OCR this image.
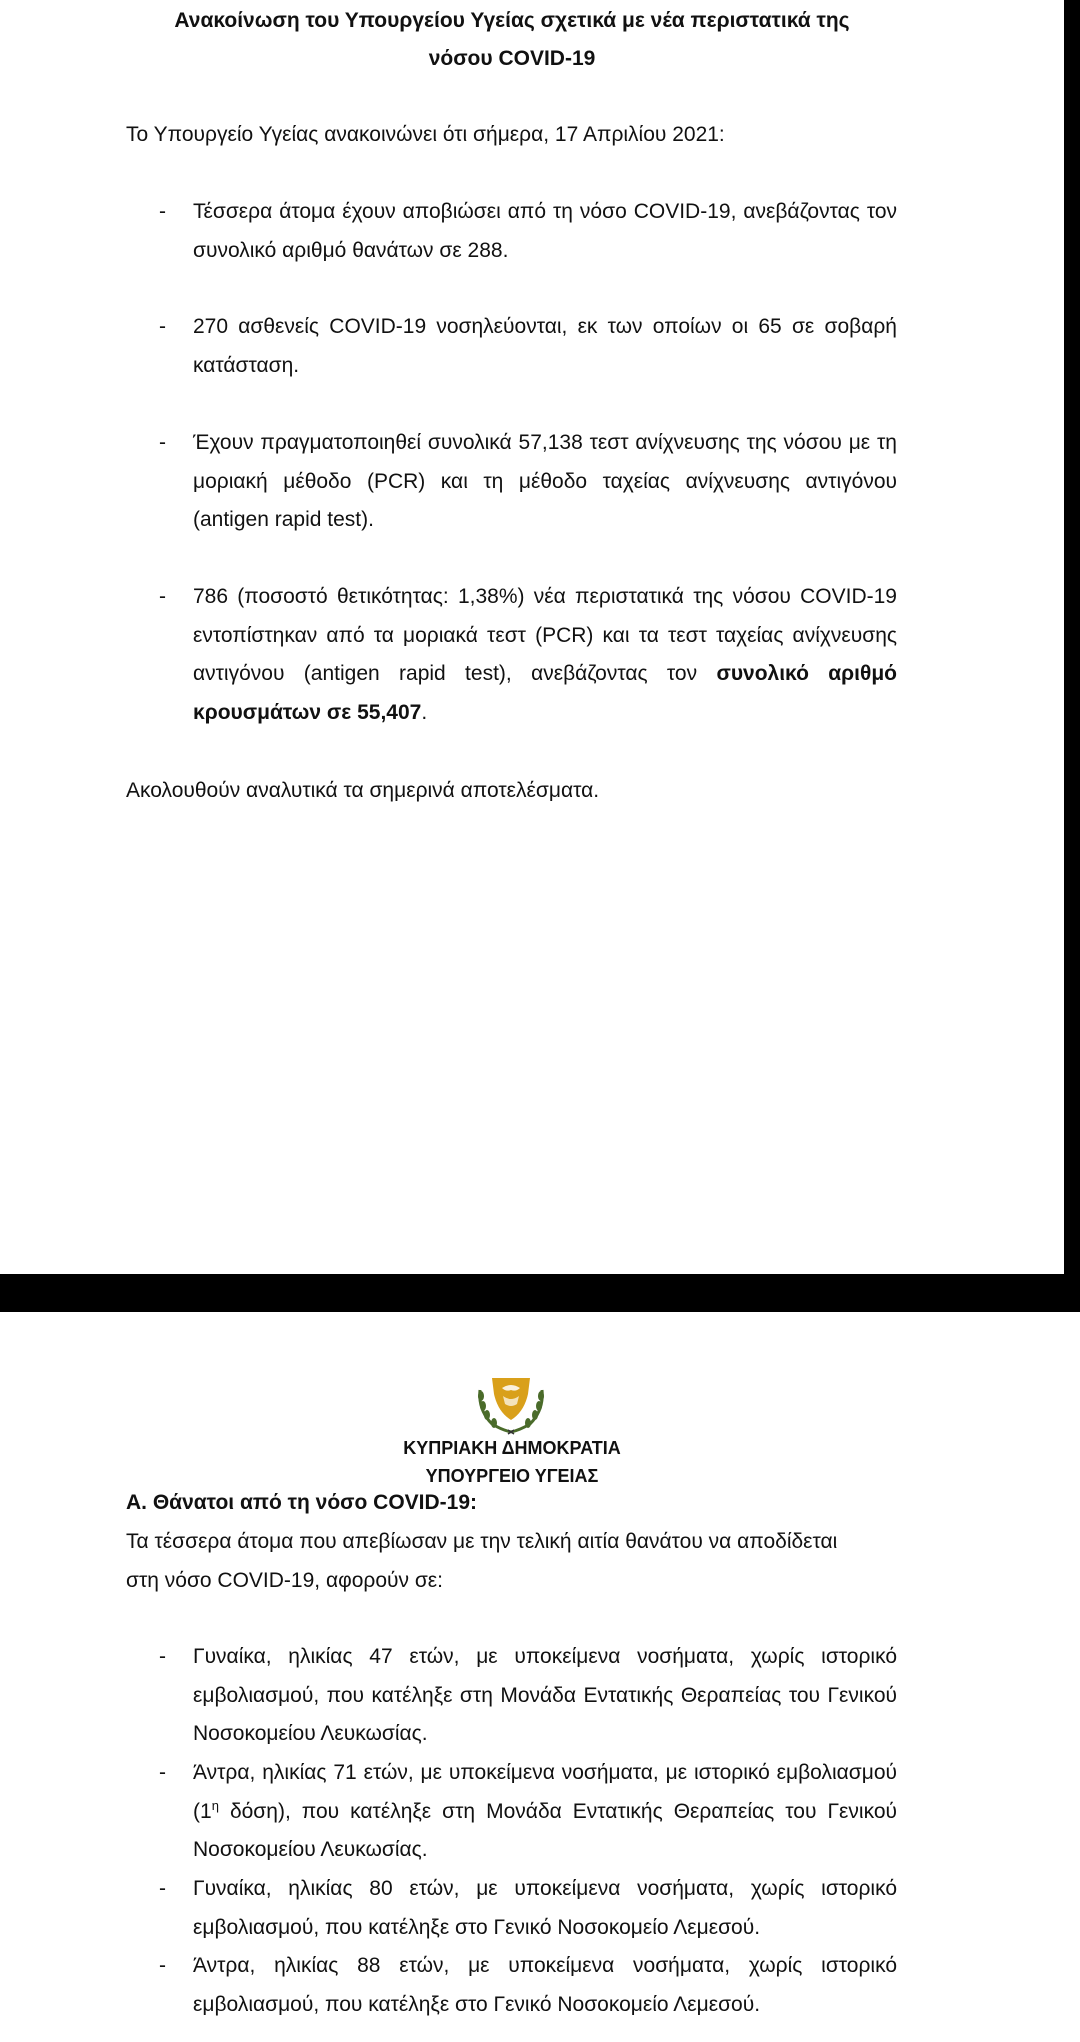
Ανακοίνωση του Υπουργείου Υγείας σχετικά με νέα περιστατικά της
νόσου COVID-19
Το Υπουργείο Υγείας ανακοινώνει ότι σήμερα, 17 Απριλίου 2021:
- Τέσσερα άτομα έχουν αποβιώσει από τη νόσο COVID-19, ανεβάζοντας τον συνολικό αριθμό θανάτων σε 288.
- 270 ασθενείς COVID-19 νοσηλεύονται, εκ των οποίων οι 65 σε σοβαρή κατάσταση.
- Έχουν πραγματοποιηθεί συνολικά 57,138 τεστ ανίχνευσης της νόσου με τη μοριακή μέθοδο (PCR) και τη μέθοδο ταχείας ανίχνευσης αντιγόνου (antigen rapid test).
- 786 (ποσοστό θετικότητας: 1,38%) νέα περιστατικά της νόσου COVID-19 εντοπίστηκαν από τα μοριακά τεστ (PCR) και τα τεστ ταχείας ανίχνευσης αντιγόνου (antigen rapid test), ανεβάζοντας τον συνολικό αριθμό κρουσμάτων σε 55,407.
Ακολουθούν αναλυτικά τα σημερινά αποτελέσματα.
ΚΥΠΡΙΑΚΗ ΔΗΜΟΚΡΑΤΙΑ
ΥΠΟΥΡΓΕΙΟ ΥΓΕΙΑΣ
Α. Θάνατοι από τη νόσο COVID-19:
Τα τέσσερα άτομα που απεβίωσαν με την τελική αιτία θανάτου να αποδίδεται
στη νόσο COVID-19, αφορούν σε:
- Γυναίκα, ηλικίας 47 ετών, με υποκείμενα νοσήματα, χωρίς ιστορικό εμβολιασμού, που κατέληξε στη Μονάδα Εντατικής Θεραπείας του Γενικού Νοσοκομείου Λευκωσίας.
- Άντρα, ηλικίας 71 ετών, με υποκείμενα νοσήματα, με ιστορικό εμβολιασμού ($1^\eta$ δόση), που κατέληξε στη Μονάδα Εντατικής Θεραπείας του Γενικού Νοσοκομείου Λευκωσίας.
- Γυναίκα, ηλικίας 80 ετών, με υποκείμενα νοσήματα, χωρίς ιστορικό εμβολιασμού, που κατέληξε στο Γενικό Νοσοκομείο Λεμεσού.
- Άντρα, ηλικίας 88 ετών, με υποκείμενα νοσήματα, χωρίς ιστορικό εμβολιασμού, που κατέληξε στο Γενικό Νοσοκομείο Λεμεσού.
